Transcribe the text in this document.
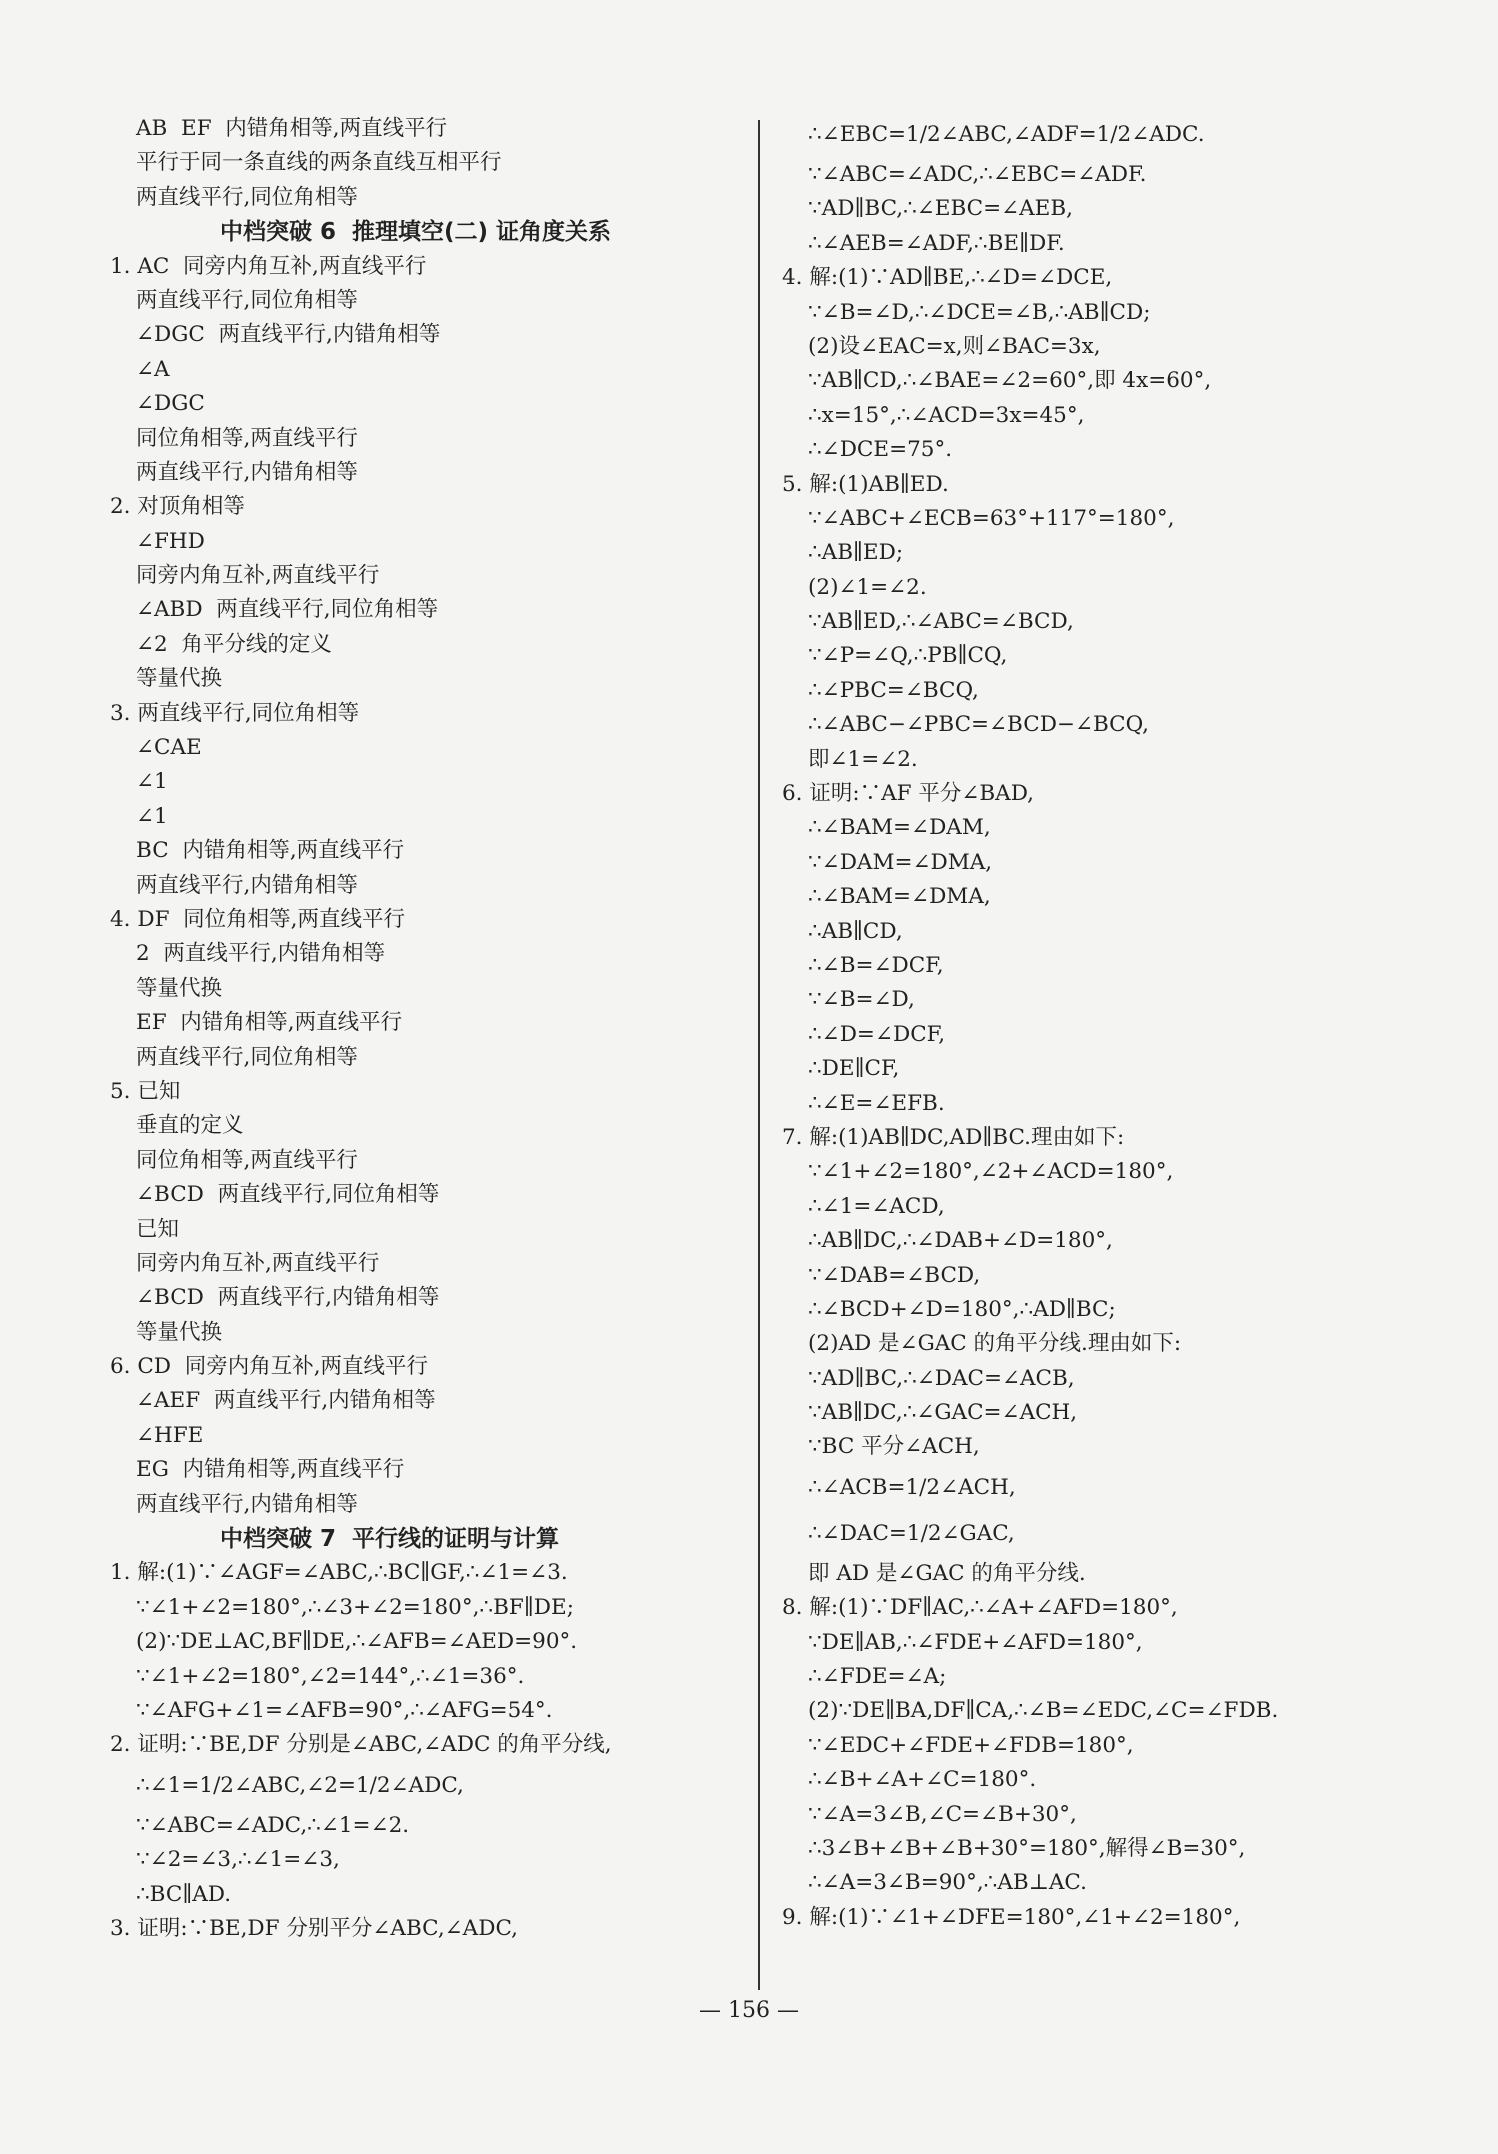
AB  EF  内错角相等,两直线平行
平行于同一条直线的两条直线互相平行
两直线平行,同位角相等
中档突破 6  推理填空(二) 证角度关系
1. AC  同旁内角互补,两直线平行
两直线平行,同位角相等
∠DGC  两直线平行,内错角相等
∠A
∠DGC
同位角相等,两直线平行
两直线平行,内错角相等
2. 对顶角相等
∠FHD
同旁内角互补,两直线平行
∠ABD  两直线平行,同位角相等
∠2  角平分线的定义
等量代换
3. 两直线平行,同位角相等
∠CAE
∠1
∠1
BC  内错角相等,两直线平行
两直线平行,内错角相等
4. DF  同位角相等,两直线平行
2  两直线平行,内错角相等
等量代换
EF  内错角相等,两直线平行
两直线平行,同位角相等
5. 已知
垂直的定义
同位角相等,两直线平行
∠BCD  两直线平行,同位角相等
已知
同旁内角互补,两直线平行
∠BCD  两直线平行,内错角相等
等量代换
6. CD  同旁内角互补,两直线平行
∠AEF  两直线平行,内错角相等
∠HFE
EG  内错角相等,两直线平行
两直线平行,内错角相等
中档突破 7  平行线的证明与计算
1. 解:(1)∵∠AGF=∠ABC,∴BC∥GF,∴∠1=∠3.
∵∠1+∠2=180°,∴∠3+∠2=180°,∴BF∥DE;
(2)∵DE⊥AC,BF∥DE,∴∠AFB=∠AED=90°.
∵∠1+∠2=180°,∠2=144°,∴∠1=36°.
∵∠AFG+∠1=∠AFB=90°,∴∠AFG=54°.
2. 证明:∵BE,DF 分别是∠ABC,∠ADC 的角平分线,
∴∠1=1/2∠ABC,∠2=1/2∠ADC,
∵∠ABC=∠ADC,∴∠1=∠2.
∵∠2=∠3,∴∠1=∠3,
∴BC∥AD.
3. 证明:∵BE,DF 分别平分∠ABC,∠ADC,
∴∠EBC=1/2∠ABC,∠ADF=1/2∠ADC.
∵∠ABC=∠ADC,∴∠EBC=∠ADF.
∵AD∥BC,∴∠EBC=∠AEB,
∴∠AEB=∠ADF,∴BE∥DF.
4. 解:(1)∵AD∥BE,∴∠D=∠DCE,
∵∠B=∠D,∴∠DCE=∠B,∴AB∥CD;
(2)设∠EAC=x,则∠BAC=3x,
∵AB∥CD,∴∠BAE=∠2=60°,即 4x=60°,
∴x=15°,∴∠ACD=3x=45°,
∴∠DCE=75°.
5. 解:(1)AB∥ED.
∵∠ABC+∠ECB=63°+117°=180°,
∴AB∥ED;
(2)∠1=∠2.
∵AB∥ED,∴∠ABC=∠BCD,
∵∠P=∠Q,∴PB∥CQ,
∴∠PBC=∠BCQ,
∴∠ABC−∠PBC=∠BCD−∠BCQ,
即∠1=∠2.
6. 证明:∵AF 平分∠BAD,
∴∠BAM=∠DAM,
∵∠DAM=∠DMA,
∴∠BAM=∠DMA,
∴AB∥CD,
∴∠B=∠DCF,
∵∠B=∠D,
∴∠D=∠DCF,
∴DE∥CF,
∴∠E=∠EFB.
7. 解:(1)AB∥DC,AD∥BC.理由如下:
∵∠1+∠2=180°,∠2+∠ACD=180°,
∴∠1=∠ACD,
∴AB∥DC,∴∠DAB+∠D=180°,
∵∠DAB=∠BCD,
∴∠BCD+∠D=180°,∴AD∥BC;
(2)AD 是∠GAC 的角平分线.理由如下:
∵AD∥BC,∴∠DAC=∠ACB,
∵AB∥DC,∴∠GAC=∠ACH,
∵BC 平分∠ACH,
∴∠ACB=1/2∠ACH,
∴∠DAC=1/2∠GAC,
即 AD 是∠GAC 的角平分线.
8. 解:(1)∵DF∥AC,∴∠A+∠AFD=180°,
∵DE∥AB,∴∠FDE+∠AFD=180°,
∴∠FDE=∠A;
(2)∵DE∥BA,DF∥CA,∴∠B=∠EDC,∠C=∠FDB.
∵∠EDC+∠FDE+∠FDB=180°,
∴∠B+∠A+∠C=180°.
∵∠A=3∠B,∠C=∠B+30°,
∴3∠B+∠B+∠B+30°=180°,解得∠B=30°,
∴∠A=3∠B=90°,∴AB⊥AC.
9. 解:(1)∵∠1+∠DFE=180°,∠1+∠2=180°,
— 156 —
